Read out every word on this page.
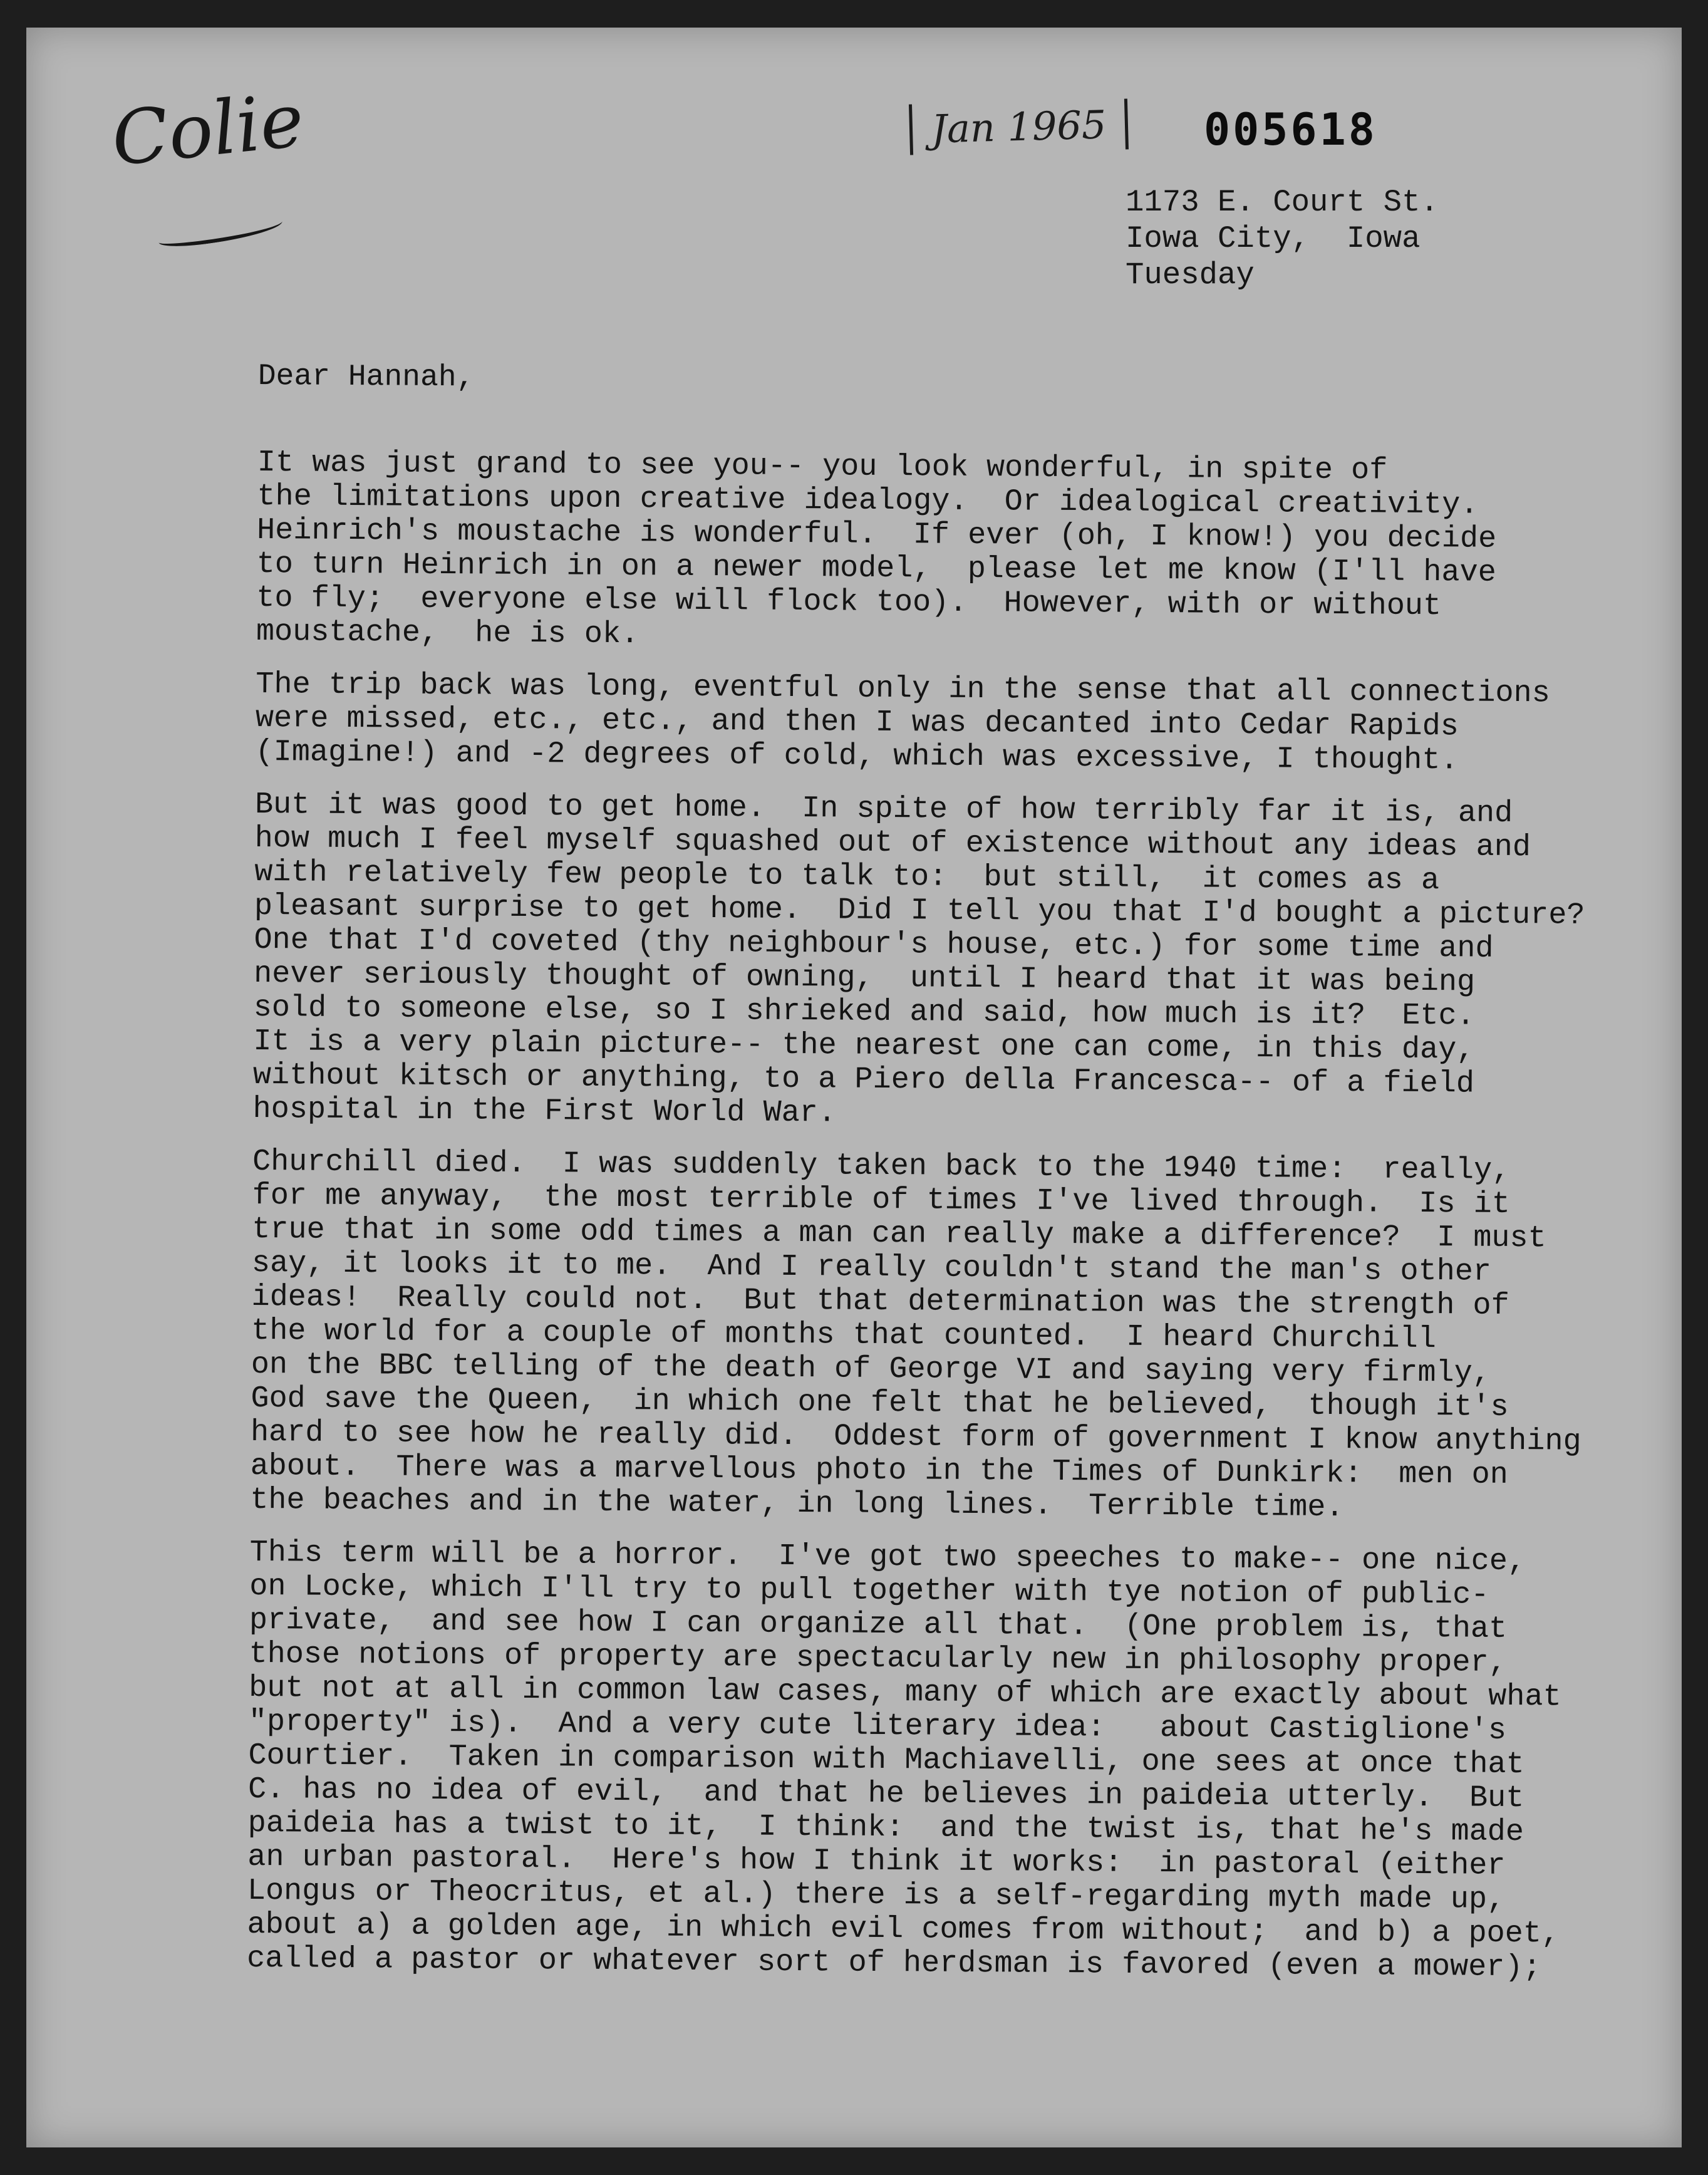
Colie	Jan 1965	005618
1173 E. Court St.
Iowa City,  Iowa
Tuesday
Dear Hannah,
It was just grand to see you-- you look wonderful, in spite of
the limitations upon creative idealogy.  Or idealogical creativity.
Heinrich's moustache is wonderful.  If ever (oh, I know!) you decide
to turn Heinrich in on a newer model,  please let me know (I'll have
to fly;  everyone else will flock too).  However, with or without
moustache,  he is ok.
The trip back was long, eventful only in the sense that all connections
were missed, etc., etc., and then I was decanted into Cedar Rapids
(Imagine!) and -2 degrees of cold, which was excessive, I thought.
But it was good to get home.  In spite of how terribly far it is, and
how much I feel myself squashed out of existence without any ideas and
with relatively few people to talk to:  but still,  it comes as a
pleasant surprise to get home.  Did I tell you that I'd bought a picture?
One that I'd coveted (thy neighbour's house, etc.) for some time and
never seriously thought of owning,  until I heard that it was being
sold to someone else, so I shrieked and said, how much is it?  Etc.
It is a very plain picture-- the nearest one can come, in this day,
without kitsch or anything, to a Piero della Francesca-- of a field
hospital in the First World War.
Churchill died.  I was suddenly taken back to the 1940 time:  really,
for me anyway,  the most terrible of times I've lived through.  Is it
true that in some odd times a man can really make a difference?  I must
say, it looks it to me.  And I really couldn't stand the man's other
ideas!  Really could not.  But that determination was the strength of
the world for a couple of months that counted.  I heard Churchill
on the BBC telling of the death of George VI and saying very firmly,
God save the Queen,  in which one felt that he believed,  though it's
hard to see how he really did.  Oddest form of government I know anything
about.  There was a marvellous photo in the Times of Dunkirk:  men on
the beaches and in the water, in long lines.  Terrible time.
This term will be a horror.  I've got two speeches to make-- one nice,
on Locke, which I'll try to pull together with tye notion of public-
private,  and see how I can organize all that.  (One problem is, that
those notions of property are spectacularly new in philosophy proper,
but not at all in common law cases, many of which are exactly about what
"property" is).  And a very cute literary idea:   about Castiglione's
Courtier.  Taken in comparison with Machiavelli, one sees at once that
C. has no idea of evil,  and that he believes in paideia utterly.  But
paideia has a twist to it,  I think:  and the twist is, that he's made
an urban pastoral.  Here's how I think it works:  in pastoral (either
Longus or Theocritus, et al.) there is a self-regarding myth made up,
about a) a golden age, in which evil comes from without;  and b) a poet,
called a pastor or whatever sort of herdsman is favored (even a mower);
